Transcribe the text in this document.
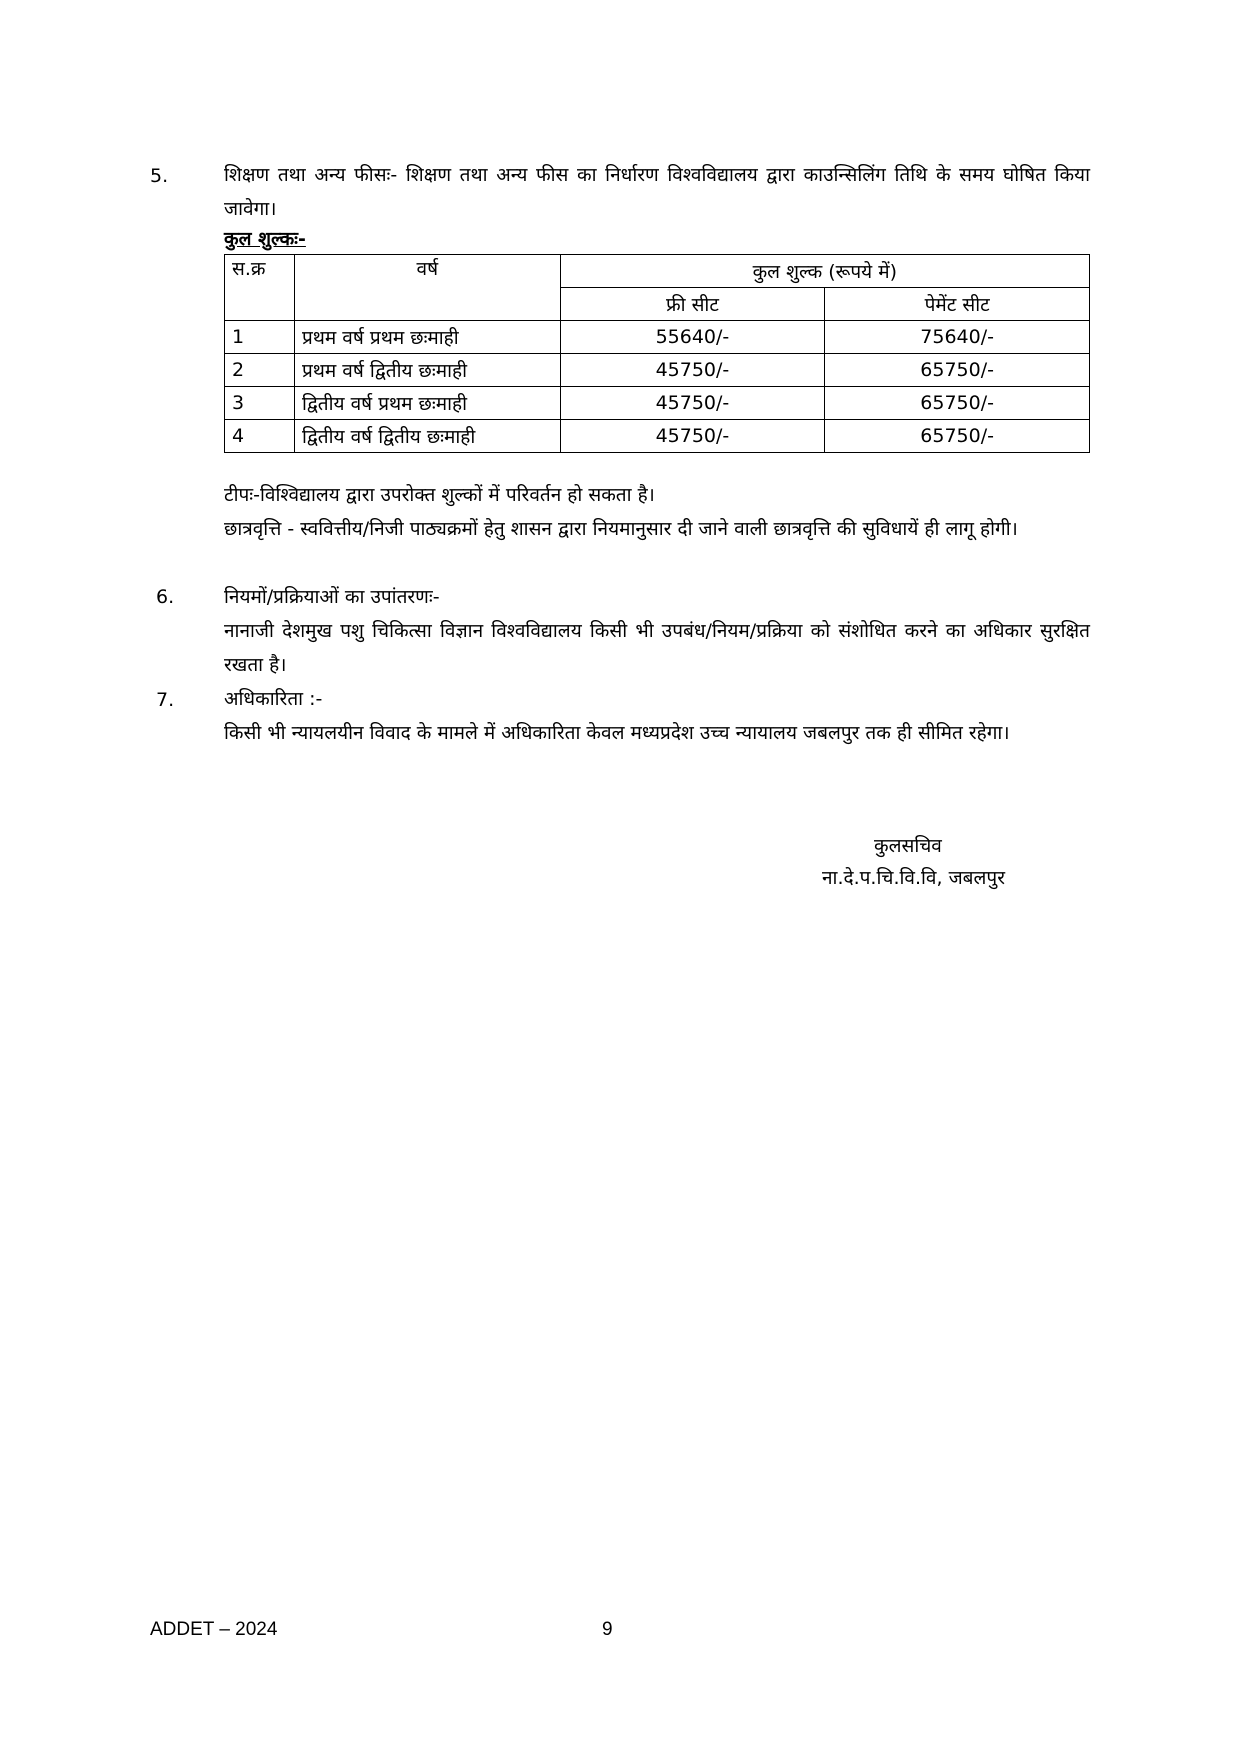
5.	शिक्षण तथा अन्य फीसः- शिक्षण तथा अन्य फीस का निर्धारण विश्वविद्यालय द्वारा काउन्सिलिंग तिथि के समय घोषित किया जावेगा।
कुल शुल्कः-
स.क्र	वर्ष	कुल शुल्क (रूपये में)	
		फ्री सीट	पेमेंट सीट
1	प्रथम वर्ष प्रथम छःमाही	55640/-	75640/-
2	प्रथम वर्ष द्वितीय छःमाही	45750/-	65750/-
3	द्वितीय वर्ष प्रथम छःमाही	45750/-	65750/-
4	द्वितीय वर्ष द्वितीय छःमाही	45750/-	65750/-
टीपः-विश्विद्यालय द्वारा उपरोक्त शुल्कों में परिवर्तन हो सकता है।
छात्रवृत्ति - स्ववित्तीय/निजी पाठ्यक्रमों हेतु शासन द्वारा नियमानुसार दी जाने वाली छात्रवृत्ति की सुविधायें ही लागू होगी।
6.	नियमों/प्रक्रियाओं का उपांतरणः-
नानाजी देशमुख पशु चिकित्सा विज्ञान विश्वविद्यालय किसी भी उपबंध/नियम/प्रक्रिया को संशोधित करने का अधिकार सुरक्षित रखता है।
7.	अधिकारिता :-
किसी भी न्यायलयीन विवाद के मामले में अधिकारिता केवल मध्यप्रदेश उच्च न्यायालय जबलपुर तक ही सीमित रहेगा।
कुलसचिव
ना.दे.प.चि.वि.वि, जबलपुर
ADDET – 2024	9
